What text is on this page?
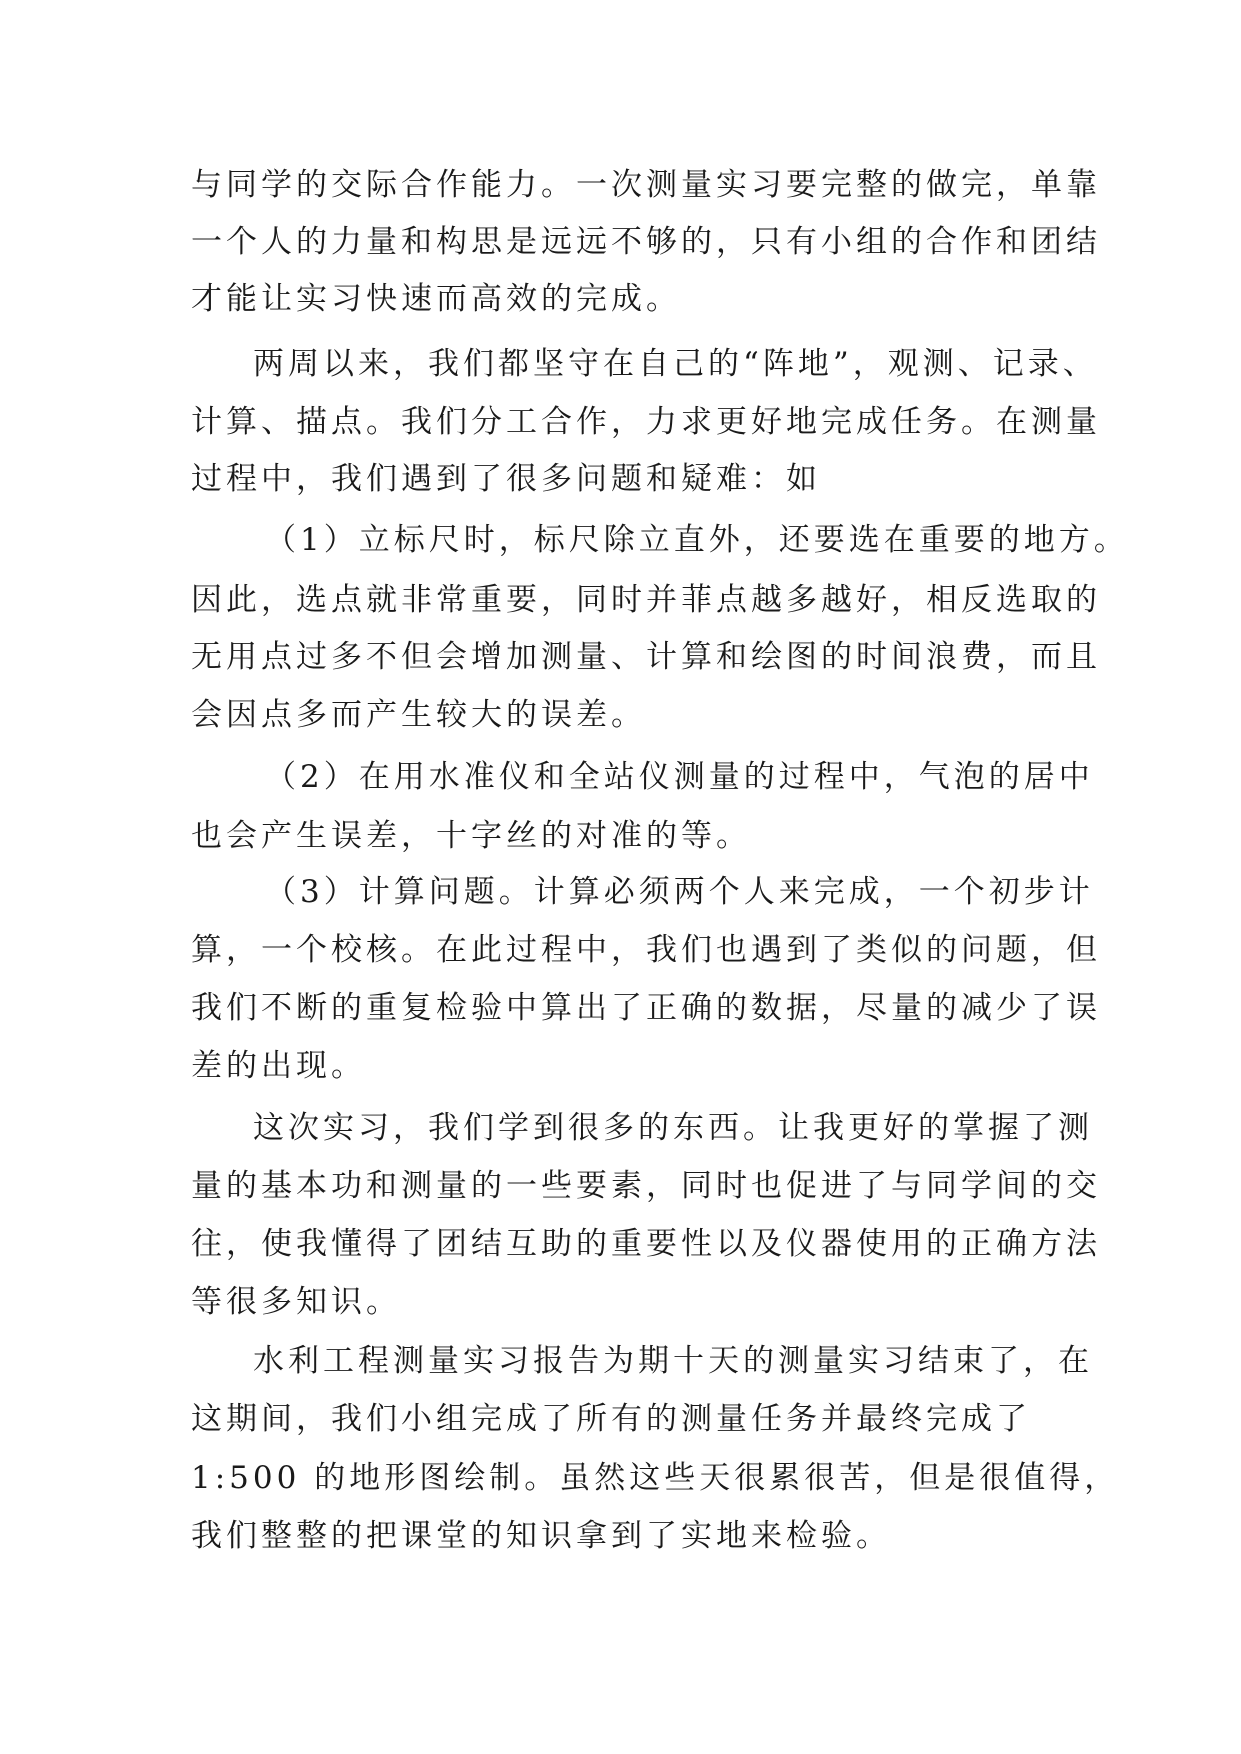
与同学的交际合作能力。一次测量实习要完整的做完，单靠
一个人的力量和构思是远远不够的，只有小组的合作和团结
才能让实习快速而高效的完成。
两周以来，我们都坚守在自己的“阵地”，观测、记录、
计算、描点。我们分工合作，力求更好地完成任务。在测量
过程中，我们遇到了很多问题和疑难：如
（1）立标尺时，标尺除立直外，还要选在重要的地方。
因此，选点就非常重要，同时并菲点越多越好，相反选取的
无用点过多不但会增加测量、计算和绘图的时间浪费，而且
会因点多而产生较大的误差。
（2）在用水准仪和全站仪测量的过程中，气泡的居中
也会产生误差，十字丝的对准的等。
（3）计算问题。计算必须两个人来完成，一个初步计
算，一个校核。在此过程中，我们也遇到了类似的问题，但
我们不断的重复检验中算出了正确的数据，尽量的减少了误
差的出现。
这次实习，我们学到很多的东西。让我更好的掌握了测
量的基本功和测量的一些要素，同时也促进了与同学间的交
往，使我懂得了团结互助的重要性以及仪器使用的正确方法
等很多知识。
水利工程测量实习报告为期十天的测量实习结束了，在
这期间，我们小组完成了所有的测量任务并最终完成了
1:500 的地形图绘制。虽然这些天很累很苦，但是很值得，
我们整整的把课堂的知识拿到了实地来检验。
